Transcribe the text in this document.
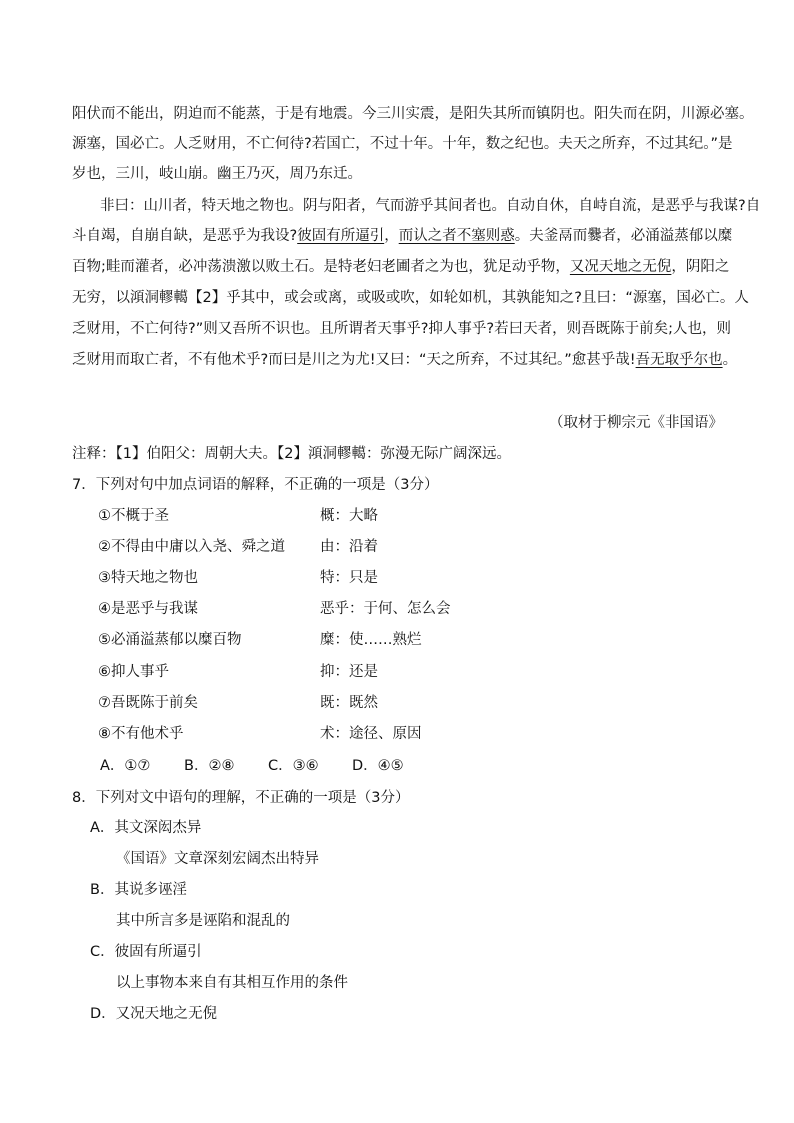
阳伏而不能出，阴迫而不能蒸，于是有地震。今三川实震，是阳失其所而镇阴也。阳失而在阴，川源必塞。
源塞，国必亡。人乏财用，不亡何待?若国亡，不过十年。十年，数之纪也。夫天之所弃，不过其纪。”是
岁也，三川，岐山崩。幽王乃灭，周乃东迁。
非曰：山川者，特天地之物也。阴与阳者，气而游乎其间者也。自动自休，自峙自流，是恶乎与我谋?自
斗自竭，自崩自缺，是恶乎为我设?彼固有所逼引，而认之者不塞则惑。夫釜鬲而爨者，必涌溢蒸郁以糜
百物;畦而灌者，必冲荡溃激以败土石。是特老妇老圃者之为也，犹足动乎物，又况天地之无倪，阴阳之
无穷，以澒洞轇轕【2】乎其中，或会或离，或吸或吹，如轮如机，其孰能知之?且曰：“源塞，国必亡。人
乏财用，不亡何待?”则又吾所不识也。且所谓者天事乎?抑人事乎?若曰天者，则吾既陈于前矣;人也，则
乏财用而取亡者，不有他术乎?而曰是川之为尤!又曰：“天之所弃，不过其纪。”愈甚乎哉!吾无取乎尔也。
（取材于柳宗元《非国语》
注释：【1】伯阳父：周朝大夫。【2】澒洞轇轕：弥漫无际广阔深远。
7．下列对句中加点词语的解释，不正确的一项是（3分）
①不概于圣	概：大略
②不得由中庸以入尧、舜之道 由：沿着
③特天地之物也	特：只是
④是恶乎与我谋	恶乎：于何、怎么会
⑤必涌溢蒸郁以糜百物	糜：使……熟烂
⑥抑人事乎	抑：还是
⑦吾既陈于前矣	既：既然
⑧不有他术乎	术：途径、原因
A．①⑦ B．②⑧ C．③⑥ D．④⑤
8．下列对文中语句的理解，不正确的一项是（3分）
A．其文深闳杰异
《国语》文章深刻宏阔杰出特异
B．其说多诬淫
其中所言多是诬陷和混乱的
C．彼固有所逼引
以上事物本来自有其相互作用的条件
D．又况天地之无倪
